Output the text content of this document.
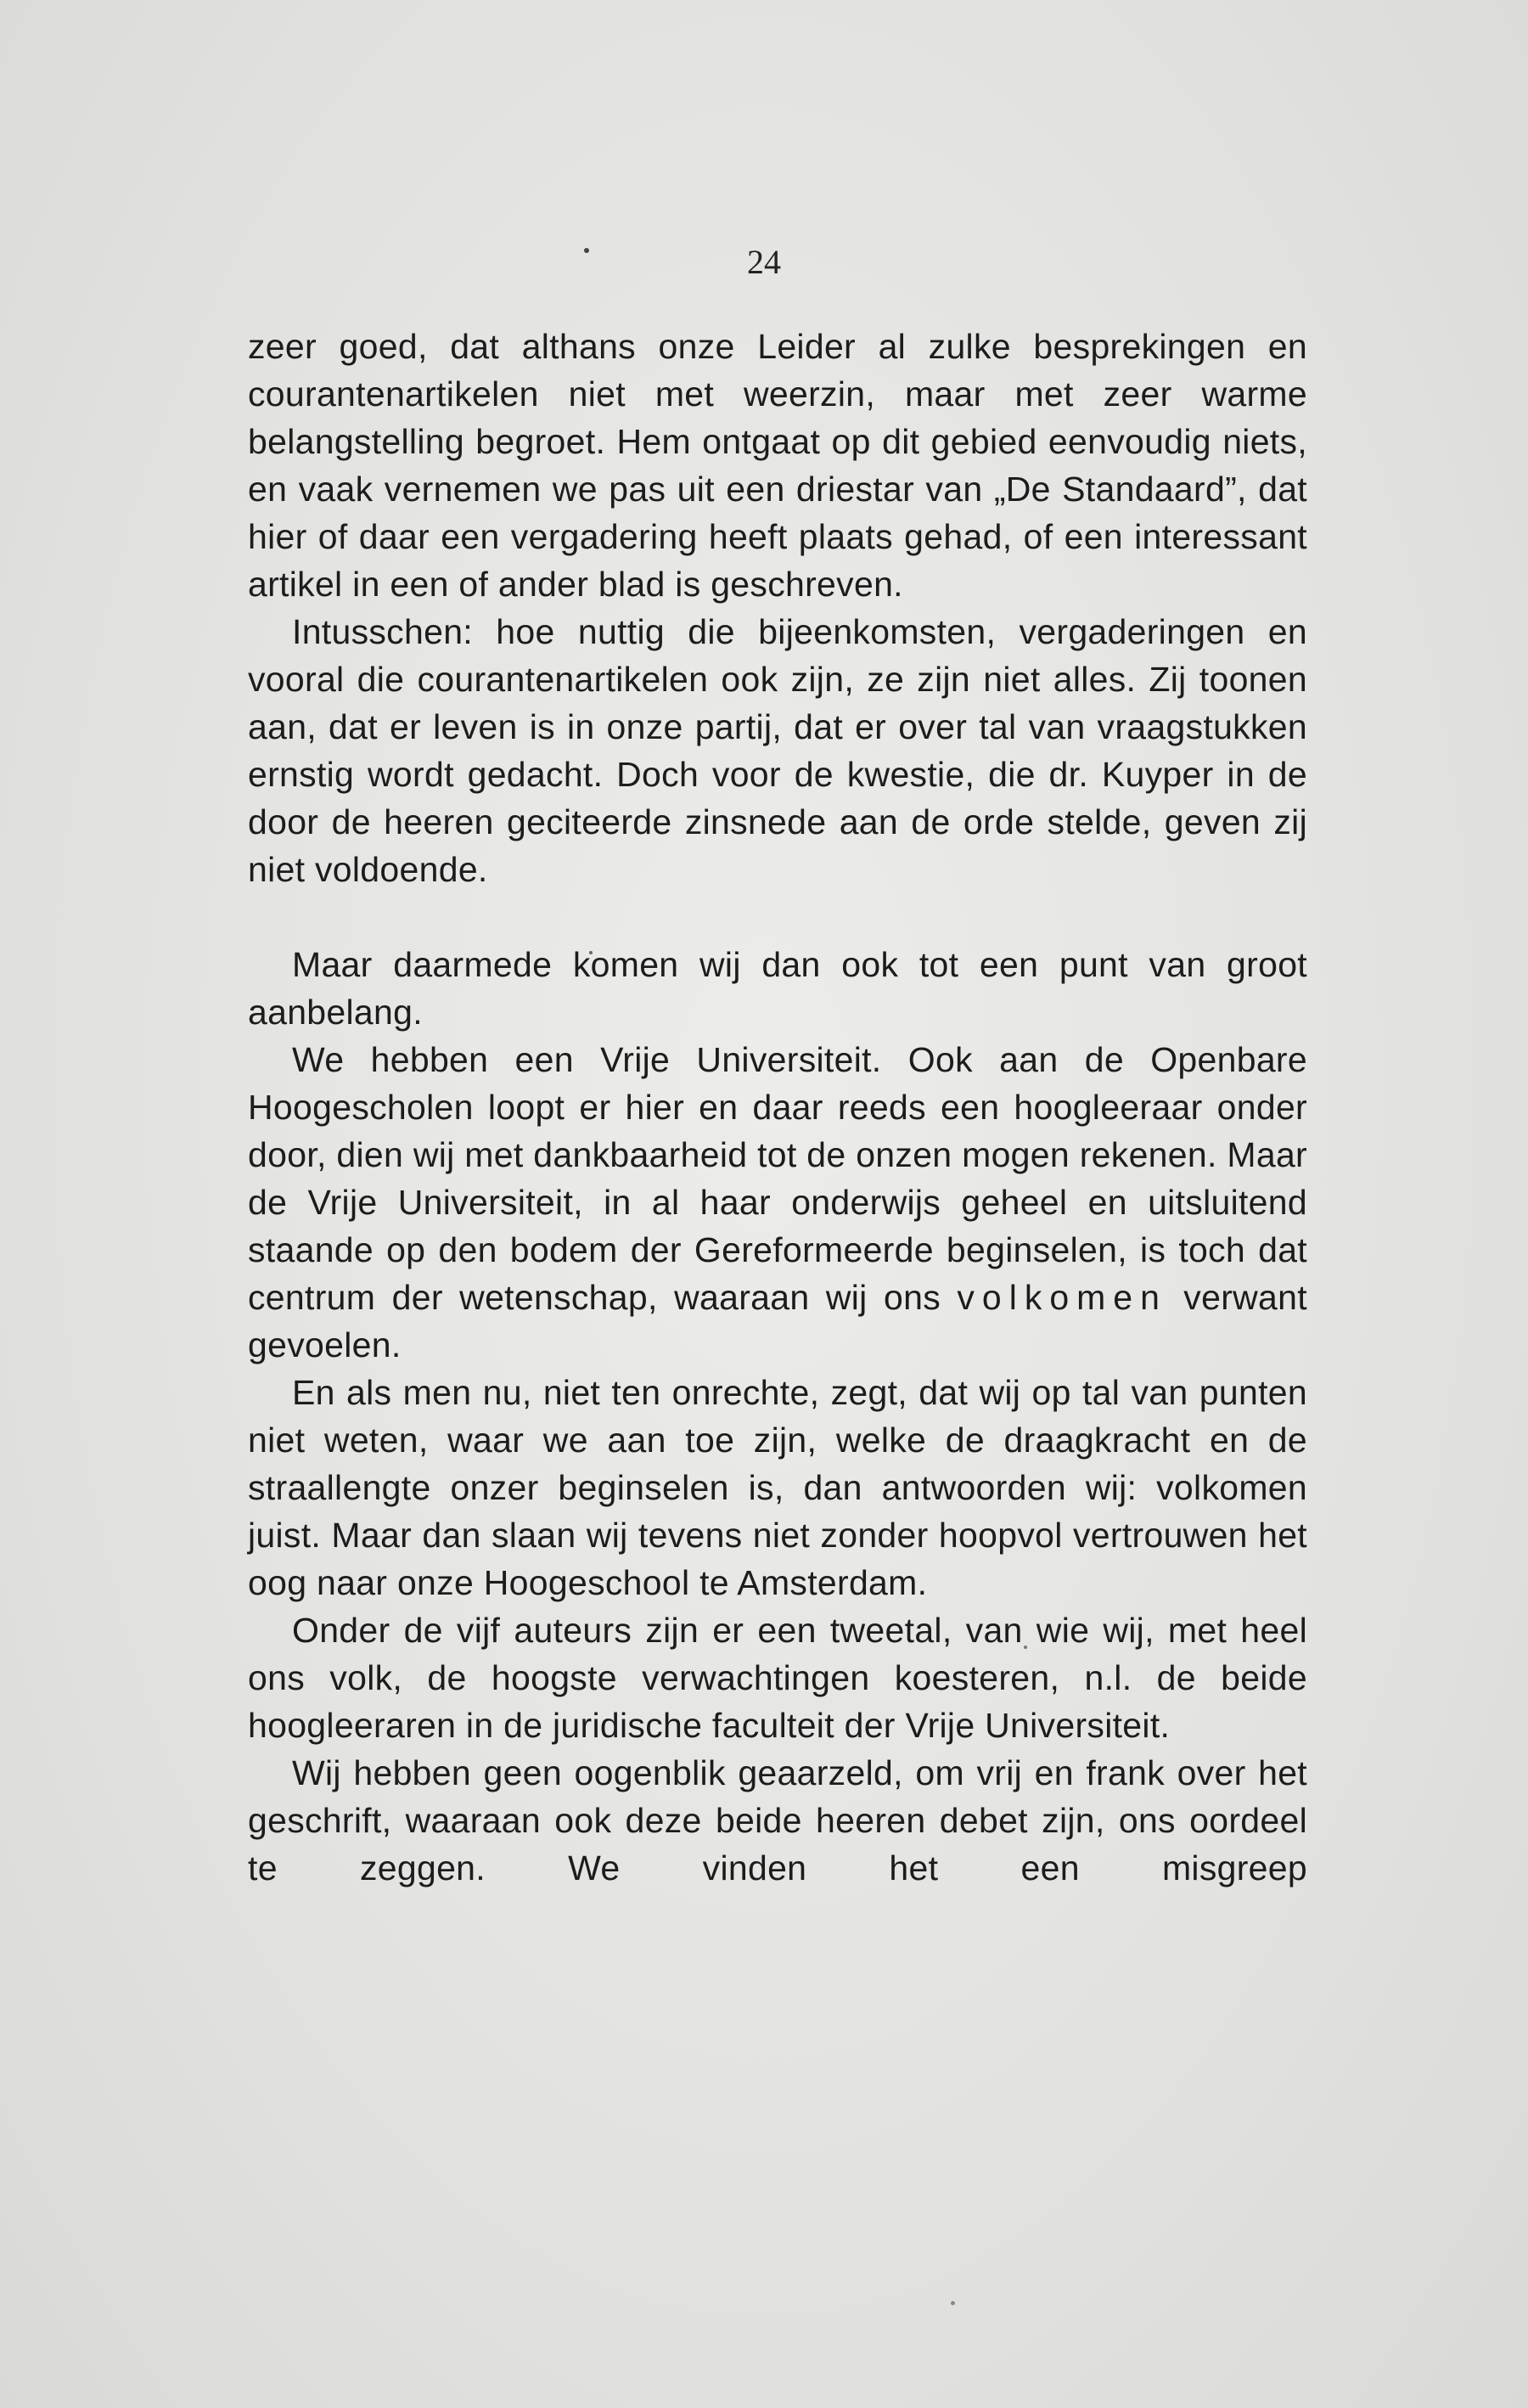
24

zeer goed, dat althans onze Leider al zulke besprekingen en courantenartikelen niet met weerzin, maar met zeer warme belangstelling begroet. Hem ontgaat op dit gebied eenvoudig niets, en vaak vernemen we pas uit een driestar van „De Standaard”, dat hier of daar een vergadering heeft plaats gehad, of een interessant artikel in een of ander blad is geschreven.

Intusschen: hoe nuttig die bijeenkomsten, vergaderingen en vooral die courantenartikelen ook zijn, ze zijn niet alles. Zij toonen aan, dat er leven is in onze partij, dat er over tal van vraagstukken ernstig wordt gedacht. Doch voor de kwestie, die dr. Kuyper in de door de heeren geciteerde zinsnede aan de orde stelde, geven zij niet voldoende.

Maar daarmede komen wij dan ook tot een punt van groot aanbelang.

We hebben een Vrije Universiteit. Ook aan de Openbare Hoogescholen loopt er hier en daar reeds een hoogleeraar onder door, dien wij met dankbaarheid tot de onzen mogen rekenen. Maar de Vrije Universiteit, in al haar onderwijs geheel en uitsluitend staande op den bodem der Gereformeerde beginselen, is toch dat centrum der wetenschap, waaraan wij ons volkomen verwant gevoelen.

En als men nu, niet ten onrechte, zegt, dat wij op tal van punten niet weten, waar we aan toe zijn, welke de draagkracht en de straallengte onzer beginselen is, dan antwoorden wij: volkomen juist. Maar dan slaan wij tevens niet zonder hoopvol vertrouwen het oog naar onze Hoogeschool te Amsterdam.

Onder de vijf auteurs zijn er een tweetal, van wie wij, met heel ons volk, de hoogste verwachtingen koesteren, n.l. de beide hoogleeraren in de juridische faculteit der Vrije Universiteit.

Wij hebben geen oogenblik geaarzeld, om vrij en frank over het geschrift, waaraan ook deze beide heeren debet zijn, ons oordeel te zeggen. We vinden het een misgreep
